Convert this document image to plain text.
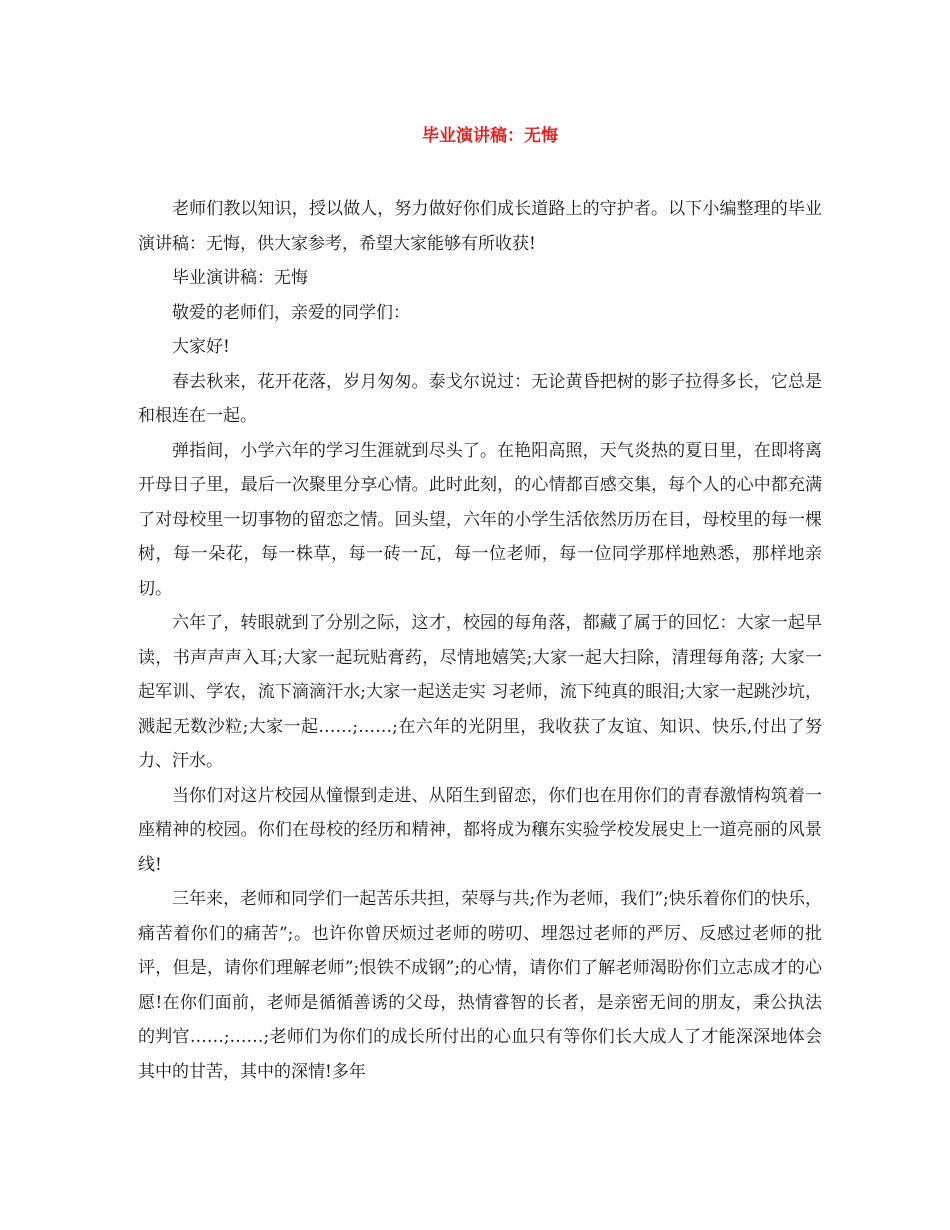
毕业演讲稿：无悔

老师们教以知识，授以做人，努力做好你们成长道路上的守护者。以下小编整理的毕业演讲稿：无悔，供大家参考，希望大家能够有所收获!

毕业演讲稿：无悔

敬爱的老师们，亲爱的同学们：

大家好!

春去秋来，花开花落，岁月匆匆。泰戈尔说过：无论黄昏把树的影子拉得多长，它总是和根连在一起。

弹指间，小学六年的学习生涯就到尽头了。在艳阳高照，天气炎热的夏日里，在即将离开母日子里，最后一次聚里分享心情。此时此刻，的心情都百感交集，每个人的心中都充满了对母校里一切事物的留恋之情。回头望，六年的小学生活依然历历在目，母校里的每一棵树，每一朵花，每一株草，每一砖一瓦，每一位老师，每一位同学那样地熟悉，那样地亲切。

六年了，转眼就到了分别之际，这才，校园的每角落，都藏了属于的回忆：大家一起早读，书声声声入耳;大家一起玩贴膏药，尽情地嬉笑;大家一起大扫除，清理每角落; 大家一起军训、学农，流下滴滴汗水;大家一起送走实 习老师，流下纯真的眼泪;大家一起跳沙坑，溅起无数沙粒;大家一起……;……;在六年的光阴里，我收获了友谊、知识、快乐,付出了努力、汗水。

当你们对这片校园从憧憬到走进、从陌生到留恋，你们也在用你们的青春激情构筑着一座精神的校园。你们在母校的经历和精神，都将成为穰东实验学校发展史上一道亮丽的风景线!

三年来，老师和同学们一起苦乐共担，荣辱与共;作为老师，我们”;快乐着你们的快乐，痛苦着你们的痛苦”;。也许你曾厌烦过老师的唠叨、埋怨过老师的严厉、反感过老师的批评，但是，请你们理解老师”;恨铁不成钢”;的心情，请你们了解老师渴盼你们立志成才的心愿!在你们面前，老师是循循善诱的父母，热情睿智的长者，是亲密无间的朋友，秉公执法的判官……;……;老师们为你们的成长所付出的心血只有等你们长大成人了才能深深地体会其中的甘苦，其中的深情!多年
